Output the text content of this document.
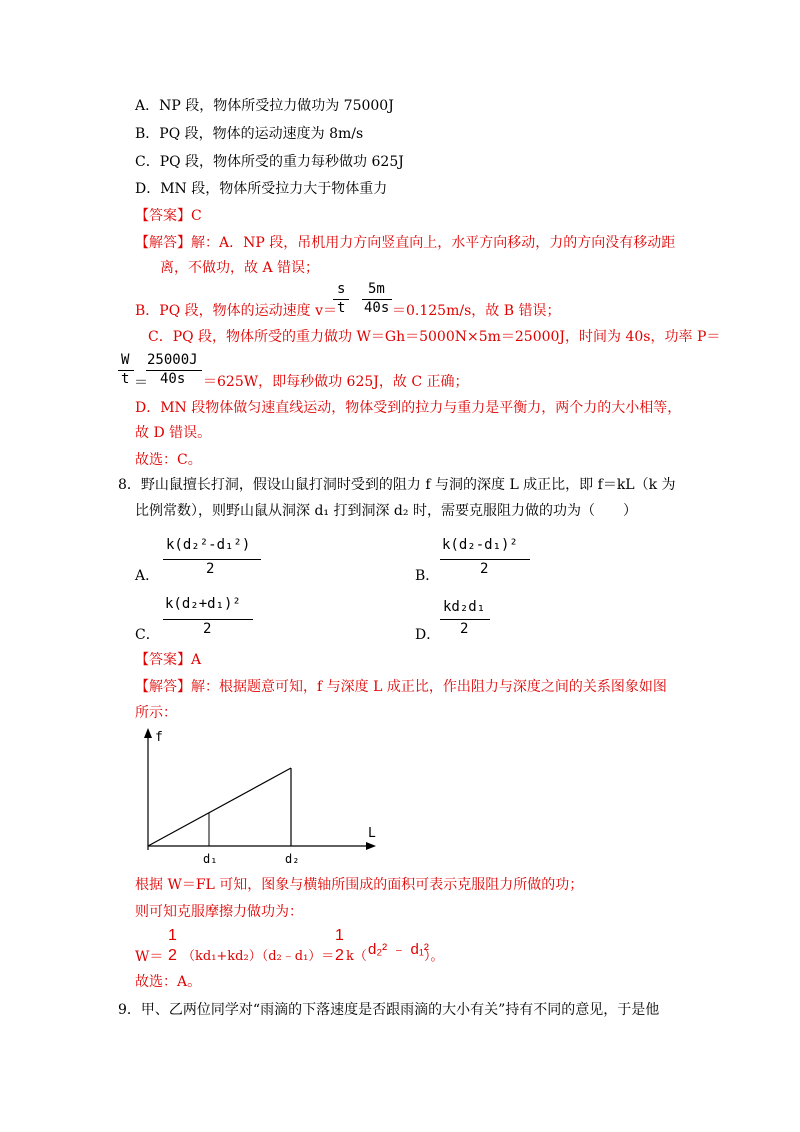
A．NP 段，物体所受拉力做功为 75000J
B．PQ 段，物体的运动速度为 8m/s
C．PQ 段，物体所受的重力每秒做功 625J
D．MN 段，物体所受拉力大于物体重力
【答案】C
【解答】解：A．NP 段，吊机用力方向竖直向上，水平方向移动，力的方向没有移动距
离，不做功，故 A 错误；
B．PQ 段，物体的运动速度 v＝
s
t
5m
40s ＝0.125m/s，故 B 错误；
C．PQ 段，物体所受的重力做功 W＝Gh＝5000N×5m＝25000J，时间为 40s，功率 P＝
W
t ＝
25000J
40s ＝625W，即每秒做功 625J，故 C 正确；
D．MN 段物体做匀速直线运动，物体受到的拉力与重力是平衡力，两个力的大小相等，
故 D 错误。
故选：C。
8．野山鼠擅长打洞，假设山鼠打洞时受到的阻力 f 与洞的深度 L 成正比，即 f＝kL（k 为
比例常数），则野山鼠从洞深 d₁ 打到洞深 d₂ 时，需要克服阻力做的功为（　　）
A．
k(d₂²-d₁²)
2	B．
k(d₂-d₁)²
2
C．
k(d₂+d₁)²
2	D．
kd₂d₁
2
【答案】A
【解答】解：根据题意可知，f 与深度 L 成正比，作出阻力与深度之间的关系图象如图
所示：
f
L
d₁	d₂
根据 W＝FL 可知，图象与横轴所围成的面积可表示克服阻力所做的功；
则可知克服摩擦力做功为：
W＝
1
2 （kd₁+kd₂）（d₂﹣d₁）＝
1
2 k（ d₂² ﹣ d₁²
）。
故选：A。
9．甲、乙两位同学对“雨滴的下落速度是否跟雨滴的大小有关”持有不同的意见，于是他
